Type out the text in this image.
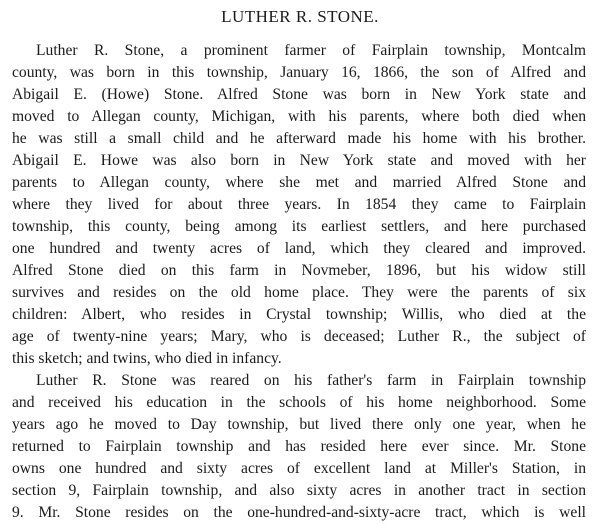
LUTHER R. STONE.
Luther R. Stone, a prominent farmer of Fairplain township, Montcalm
county, was born in this township, January 16, 1866, the son of Alfred and
Abigail E. (Howe) Stone. Alfred Stone was born in New York state and
moved to Allegan county, Michigan, with his parents, where both died when
he was still a small child and he afterward made his home with his brother.
Abigail E. Howe was also born in New York state and moved with her
parents to Allegan county, where she met and married Alfred Stone and
where they lived for about three years. In 1854 they came to Fairplain
township, this county, being among its earliest settlers, and here purchased
one hundred and twenty acres of land, which they cleared and improved.
Alfred Stone died on this farm in Novmeber, 1896, but his widow still
survives and resides on the old home place. They were the parents of six
children: Albert, who resides in Crystal township; Willis, who died at the
age of twenty-nine years; Mary, who is deceased; Luther R., the subject of
this sketch; and twins, who died in infancy.
Luther R. Stone was reared on his father's farm in Fairplain township
and received his education in the schools of his home neighborhood. Some
years ago he moved to Day township, but lived there only one year, when he
returned to Fairplain township and has resided here ever since. Mr. Stone
owns one hundred and sixty acres of excellent land at Miller's Station, in
section 9, Fairplain township, and also sixty acres in another tract in section
9. Mr. Stone resides on the one-hundred-and-sixty-acre tract, which is well
